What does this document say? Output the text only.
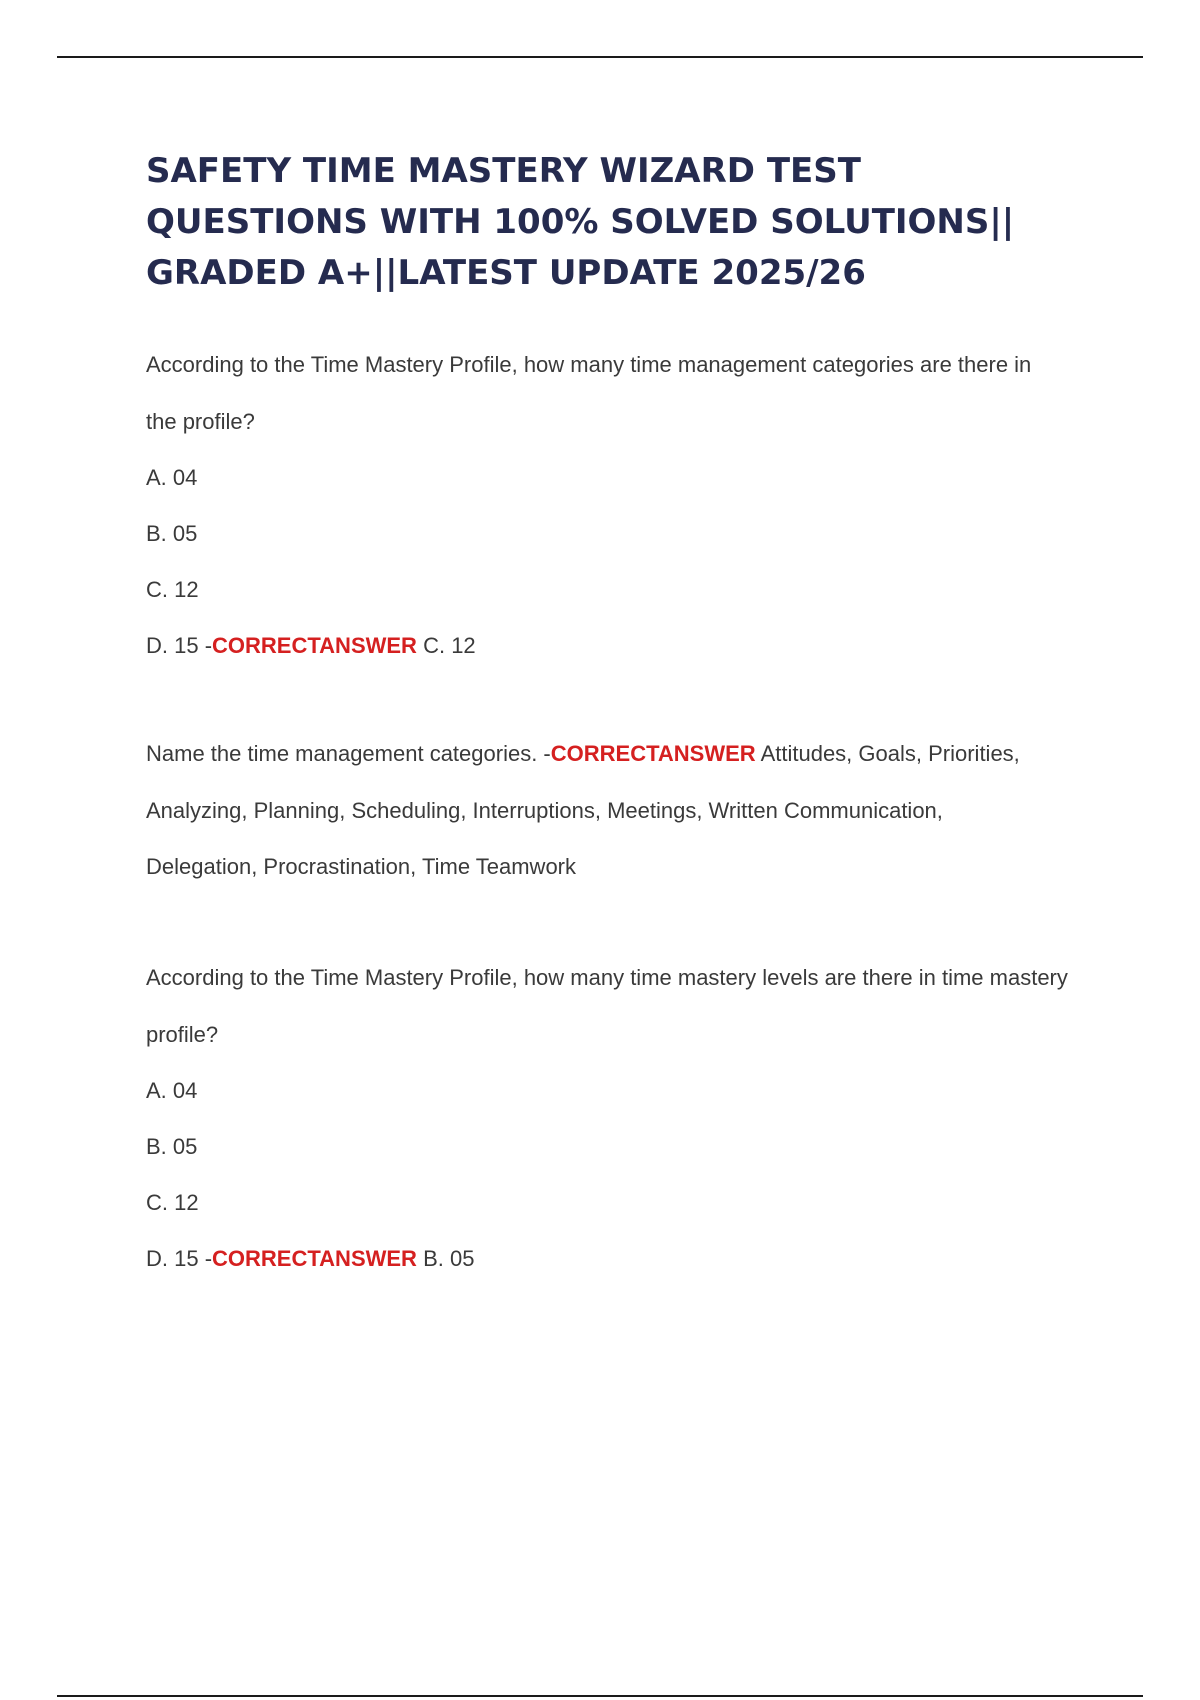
SAFETY TIME MASTERY WIZARD TEST QUESTIONS WITH 100% SOLVED SOLUTIONS|| GRADED A+||LATEST UPDATE 2025/26

According to the Time Mastery Profile, how many time management categories are there in the profile?

A. 04

B. 05

C. 12

D. 15 -CORRECTANSWER C. 12

Name the time management categories. -CORRECTANSWER Attitudes, Goals, Priorities, Analyzing, Planning, Scheduling, Interruptions, Meetings, Written Communication, Delegation, Procrastination, Time Teamwork

According to the Time Mastery Profile, how many time mastery levels are there in time mastery profile?

A. 04

B. 05

C. 12

D. 15 -CORRECTANSWER B. 05
